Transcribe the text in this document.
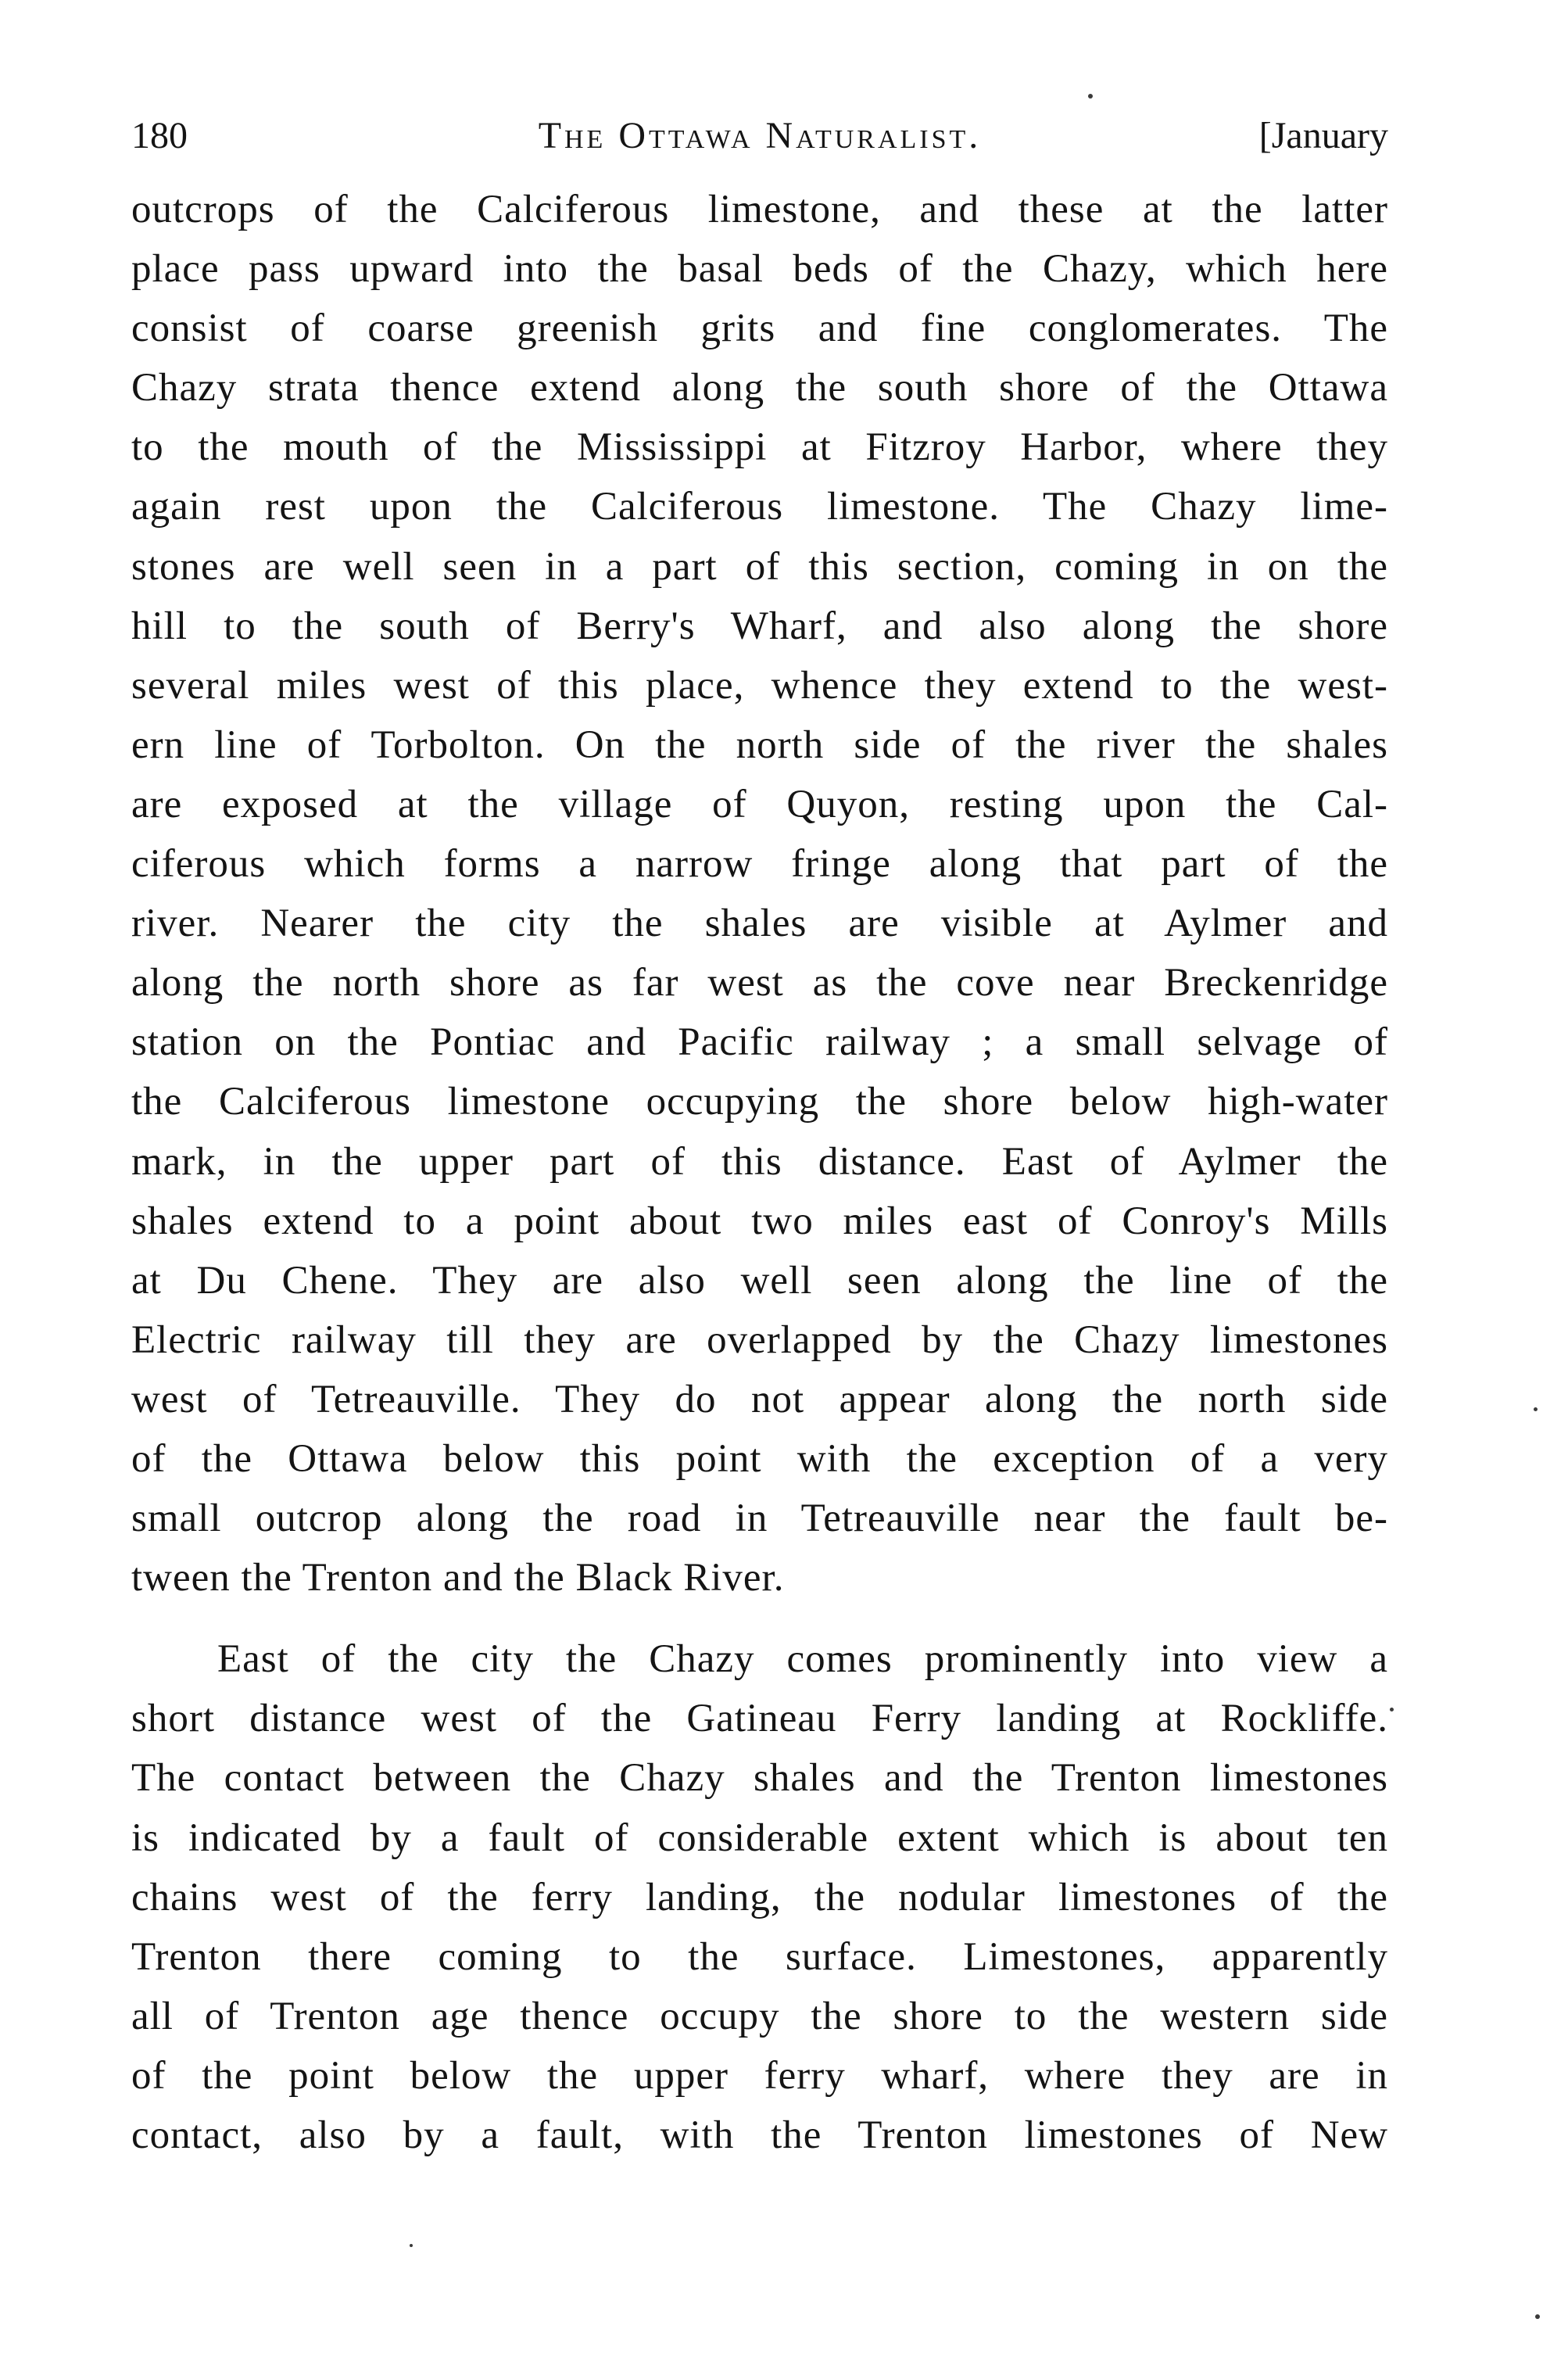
180	The Ottawa Naturalist.	[January
outcrops of the Calciferous limestone, and these at the latter
place pass upward into the basal beds of the Chazy, which here
consist of coarse greenish grits and fine conglomerates. The
Chazy strata thence extend along the south shore of the Ottawa
to the mouth of the Mississippi at Fitzroy Harbor, where they
again rest upon the Calciferous limestone. The Chazy lime-
stones are well seen in a part of this section, coming in on the
hill to the south of Berry's Wharf, and also along the shore
several miles west of this place, whence they extend to the west-
ern line of Torbolton. On the north side of the river the shales
are exposed at the village of Quyon, resting upon the Cal-
ciferous which forms a narrow fringe along that part of the
river. Nearer the city the shales are visible at Aylmer and
along the north shore as far west as the cove near Breckenridge
station on the Pontiac and Pacific railway ; a small selvage of
the Calciferous limestone occupying the shore below high-water
mark, in the upper part of this distance. East of Aylmer the
shales extend to a point about two miles east of Conroy's Mills
at Du Chene. They are also well seen along the line of the
Electric railway till they are overlapped by the Chazy limestones
west of Tetreauville. They do not appear along the north side
of the Ottawa below this point with the exception of a very
small outcrop along the road in Tetreauville near the fault be-
tween the Trenton and the Black River.
East of the city the Chazy comes prominently into view a
short distance west of the Gatineau Ferry landing at Rockliffe.
The contact between the Chazy shales and the Trenton limestones
is indicated by a fault of considerable extent which is about ten
chains west of the ferry landing, the nodular limestones of the
Trenton there coming to the surface. Limestones, apparently
all of Trenton age thence occupy the shore to the western side
of the point below the upper ferry wharf, where they are in
contact, also by a fault, with the Trenton limestones of New
